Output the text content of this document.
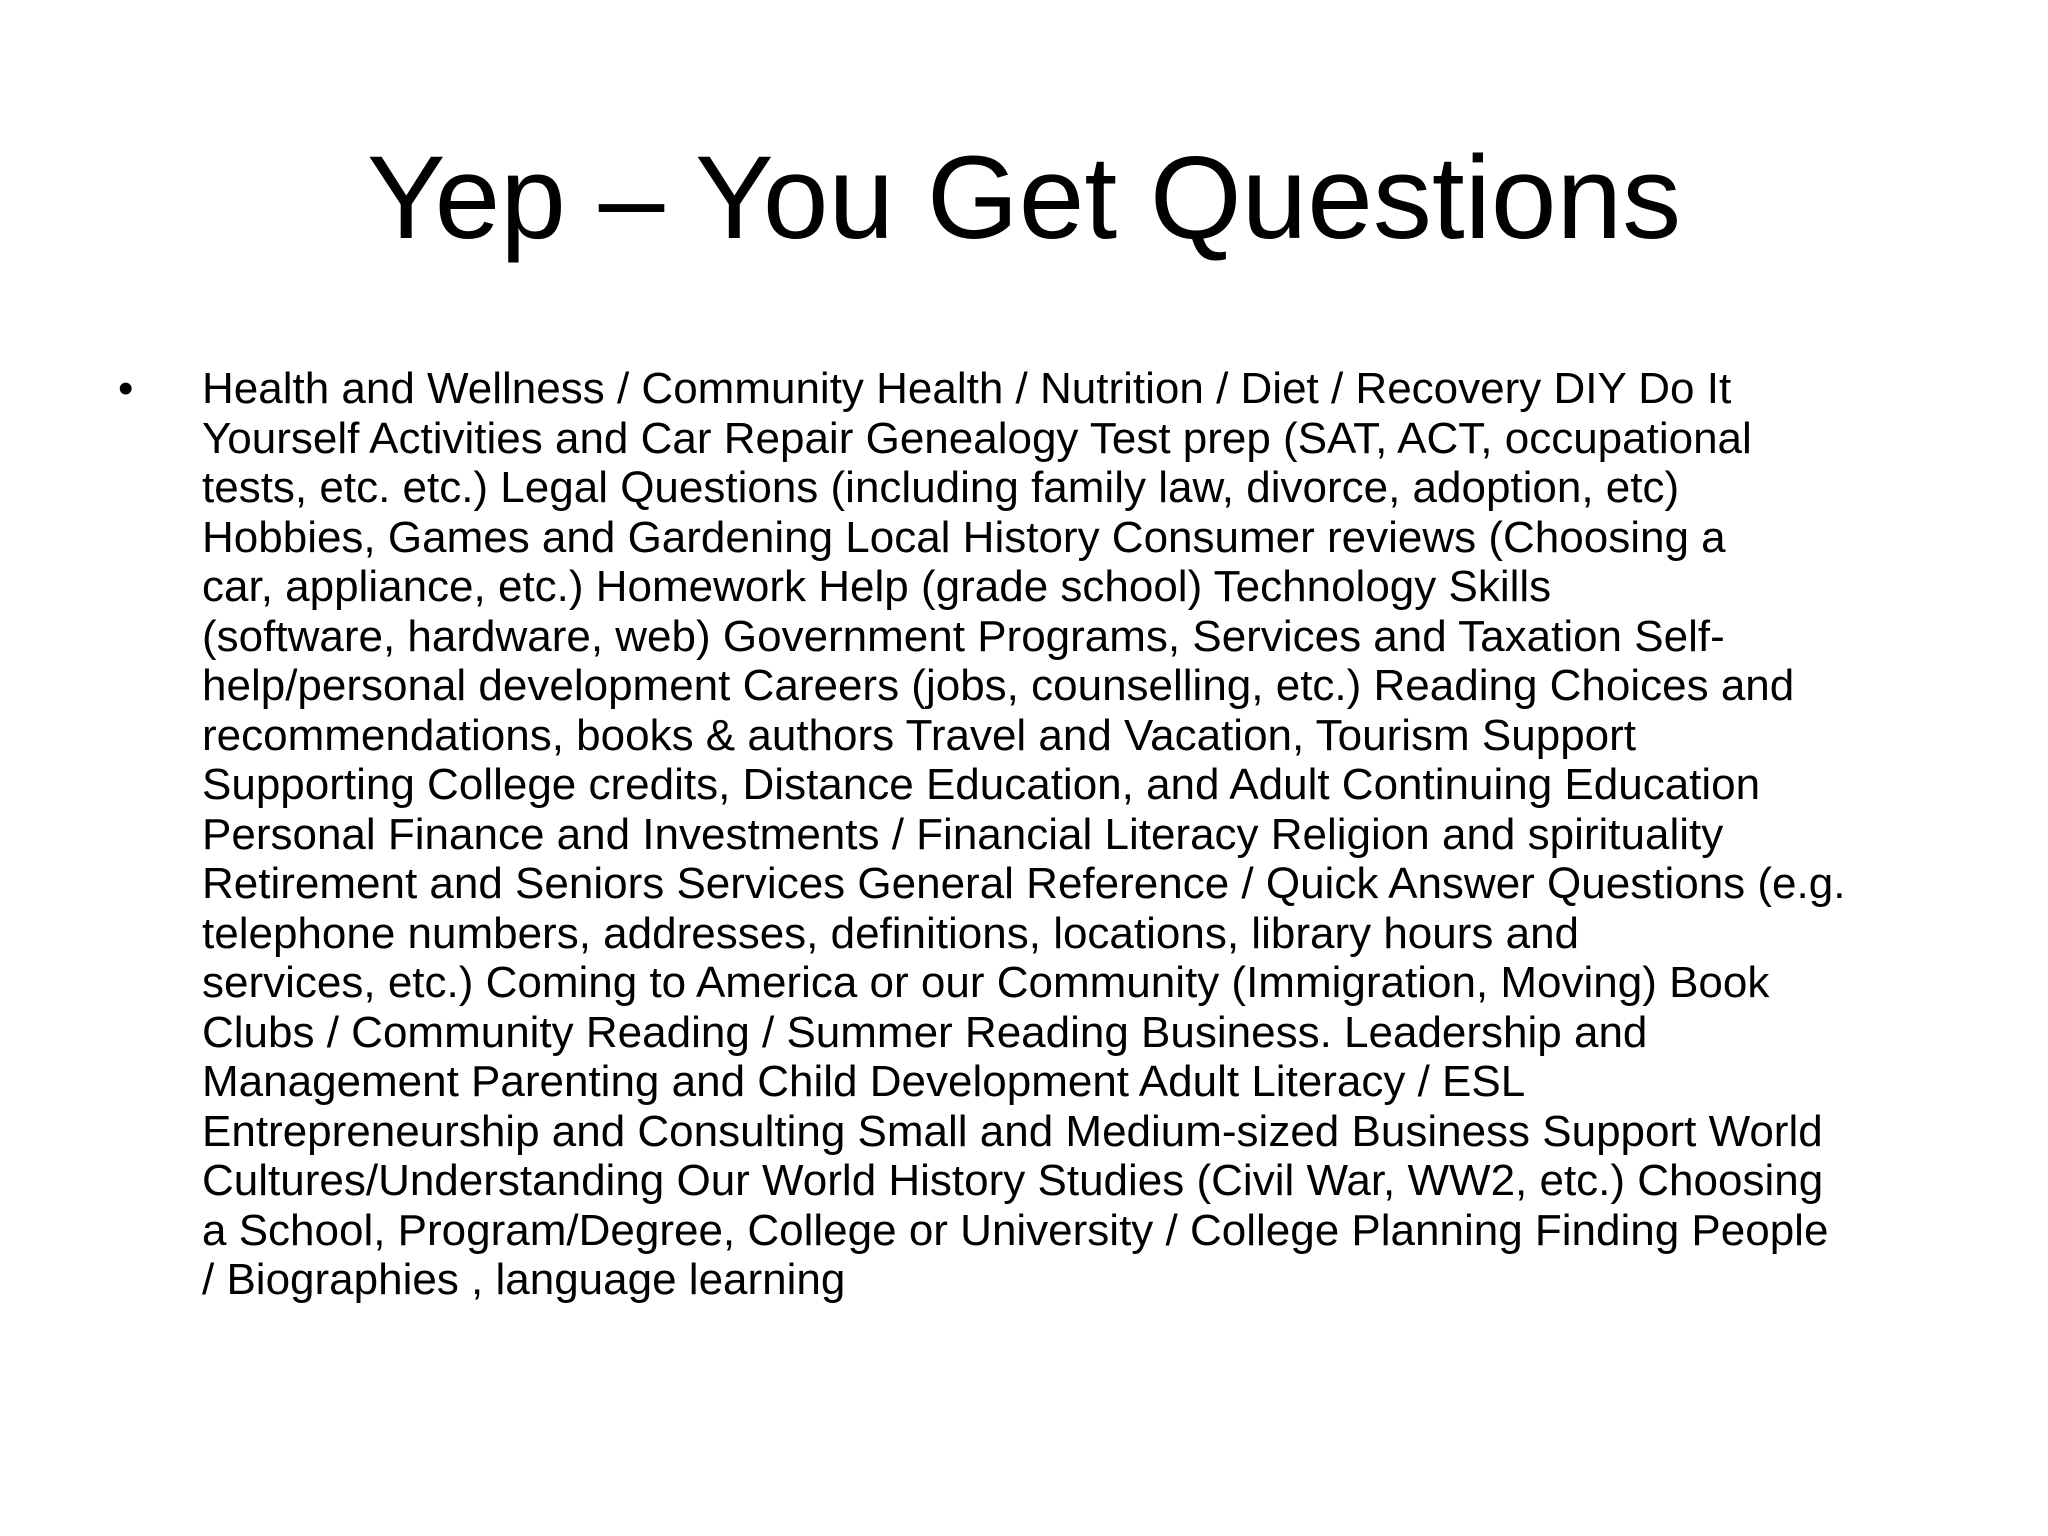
Yep – You Get Questions
•	Health and Wellness / Community Health / Nutrition / Diet / Recovery DIY Do It
Yourself Activities and Car Repair Genealogy Test prep (SAT, ACT, occupational
tests, etc. etc.) Legal Questions (including family law, divorce, adoption, etc)
Hobbies, Games and Gardening Local History Consumer reviews (Choosing a
car, appliance, etc.) Homework Help (grade school) Technology Skills
(software, hardware, web) Government Programs, Services and Taxation Self-
help/personal development Careers (jobs, counselling, etc.) Reading Choices and
recommendations, books & authors Travel and Vacation, Tourism Support
Supporting College credits, Distance Education, and Adult Continuing Education
Personal Finance and Investments / Financial Literacy Religion and spirituality
Retirement and Seniors Services General Reference / Quick Answer Questions (e.g.
telephone numbers, addresses, definitions, locations, library hours and
services, etc.) Coming to America or our Community (Immigration, Moving) Book
Clubs / Community Reading / Summer Reading Business. Leadership and
Management Parenting and Child Development Adult Literacy / ESL
Entrepreneurship and Consulting Small and Medium-sized Business Support World
Cultures/Understanding Our World History Studies (Civil War, WW2, etc.) Choosing
a School, Program/Degree, College or University / College Planning Finding People
/ Biographies , language learning
